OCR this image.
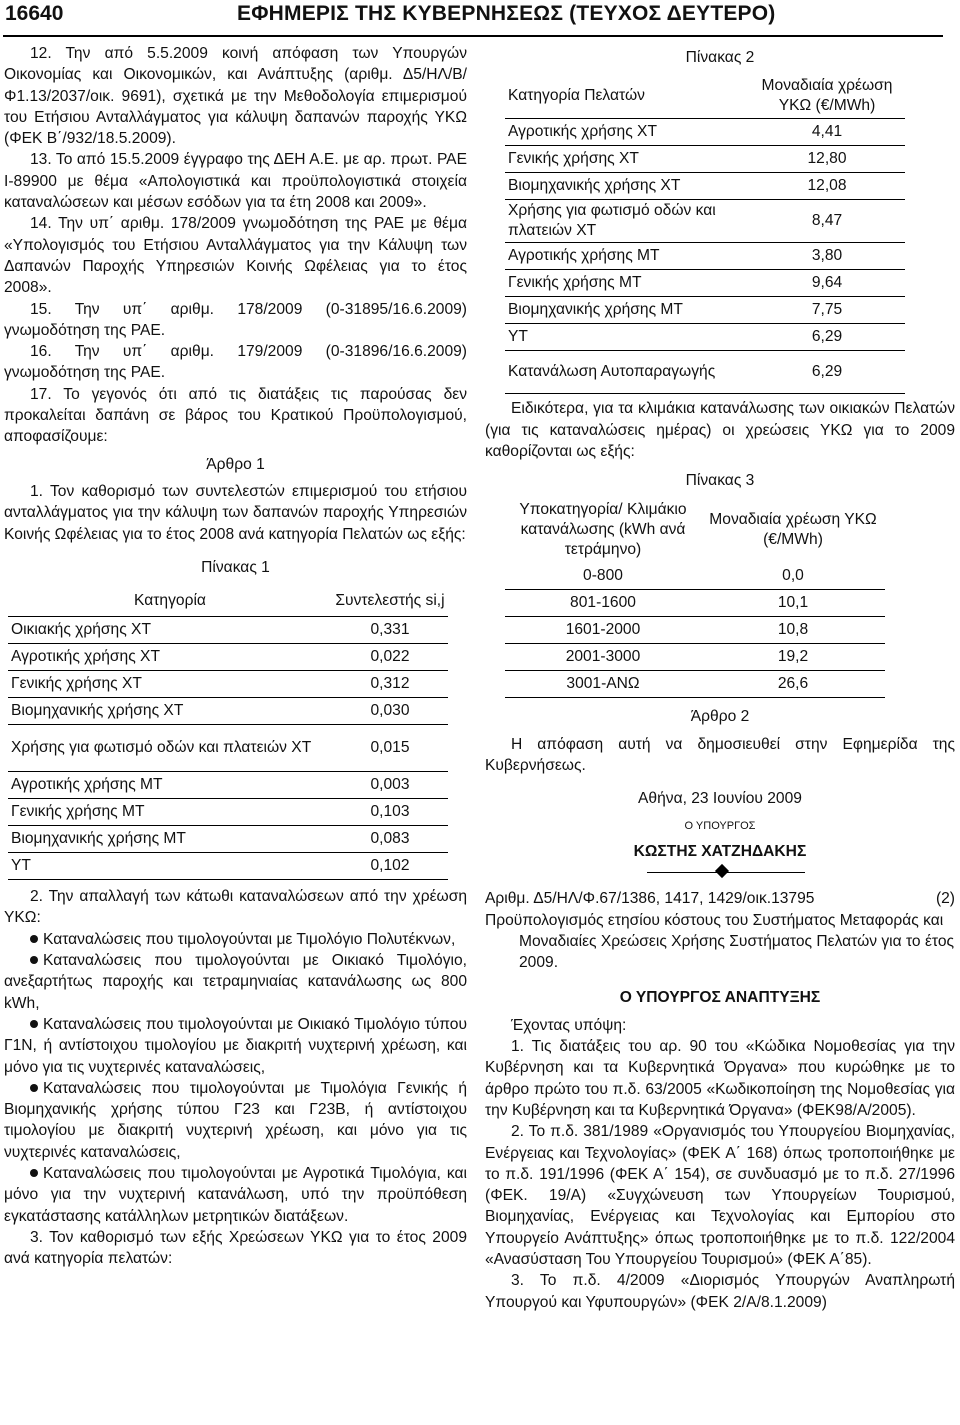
16640	ΕΦΗΜΕΡΙΣ ΤΗΣ ΚΥΒΕΡΝΗΣΕΩΣ (ΤΕΥΧΟΣ ΔΕΥΤΕΡΟ)

12. Την από 5.5.2009 κοινή απόφαση των Υπουργών Οικονομίας και Οικονομικών, και Ανάπτυξης (αριθμ. Δ5/ΗΛ/Β/Φ1.13/2037/οικ. 9691), σχετικά με την Μεθοδολογία επιμερισμού του Ετήσιου Ανταλλάγματος για κάλυψη δαπανών παροχής ΥΚΩ (ΦΕΚ Β΄/932/18.5.2009).

13. Το από 15.5.2009 έγγραφο της ΔΕΗ Α.Ε. με αρ. πρωτ. ΡΑΕ Ι-89900 με θέμα «Απολογιστικά και προϋπολογιστικά στοιχεία καταναλώσεων και μέσων εσόδων για τα έτη 2008 και 2009».

14. Την υπ΄ αριθμ. 178/2009 γνωμοδότηση της ΡΑΕ με θέμα «Υπολογισμός του Ετήσιου Ανταλλάγματος για την Κάλυψη των Δαπανών Παροχής Υπηρεσιών Κοινής Ωφέλειας για το έτος 2008».

15. Την υπ΄ αριθμ. 178/2009 (0-31895/16.6.2009) γνωμοδότηση της ΡΑΕ.

16. Την υπ΄ αριθμ. 179/2009 (0-31896/16.6.2009) γνωμοδότηση της ΡΑΕ.

17. Το γεγονός ότι από τις διατάξεις τις παρούσας δεν προκαλείται δαπάνη σε βάρος του Κρατικού Προϋπολογισμού, αποφασίζουμε:

Άρθρο 1

1. Τον καθορισμό των συντελεστών επιμερισμού του ετήσιου ανταλλάγματος για την κάλυψη των δαπανών παροχής Υπηρεσιών Κοινής Ωφέλειας για το έτος 2008 ανά κατηγορία Πελατών ως εξής:

Πίνακας 1
Κατηγορία	Συντελεστής si,j
Οικιακής χρήσης ΧΤ	0,331
Αγροτικής χρήσης ΧΤ	0,022
Γενικής χρήσης ΧΤ	0,312
Βιομηχανικής χρήσης ΧΤ	0,030
Χρήσης για φωτισμό οδών και πλατειών ΧΤ	0,015
Αγροτικής χρήσης ΜΤ	0,003
Γενικής χρήσης ΜΤ	0,103
Βιομηχανικής χρήσης ΜΤ	0,083
ΥΤ	0,102

2. Την απαλλαγή των κάτωθι καταναλώσεων από την χρέωση ΥΚΩ:

Καταναλώσεις που τιμολογούνται με Τιμολόγιο Πολυτέκνων,

Καταναλώσεις που τιμολογούνται με Οικιακό Τιμολόγιο, ανεξαρτήτως παροχής και τετραμηνιαίας κατανάλωσης ως 800 kWh,

Καταναλώσεις που τιμολογούνται με Οικιακό Τιμολόγιο τύπου Γ1Ν, ή αντίστοιχου τιμολογίου με διακριτή νυχτερινή χρέωση, και μόνο για τις νυχτερινές καταναλώσεις,

Καταναλώσεις που τιμολογούνται με Τιμολόγια Γενικής ή Βιομηχανικής χρήσης τύπου Γ23 και Γ23Β, ή αντίστοιχου τιμολογίου με διακριτή νυχτερινή χρέωση, και μόνο για τις νυχτερινές καταναλώσεις,

Καταναλώσεις που τιμολογούνται με Αγροτικά Τιμολόγια, και μόνο για την νυχτερινή κατανάλωση, υπό την προϋπόθεση εγκατάστασης κατάλληλων μετρητικών διατάξεων.

3. Τον καθορισμό των εξής Χρεώσεων ΥΚΩ για το έτος 2009 ανά κατηγορία πελατών:

Πίνακας 2
Κατηγορία Πελατών	Μοναδιαία χρέωση ΥΚΩ (€/MWh)
Αγροτικής χρήσης ΧΤ	4,41
Γενικής χρήσης ΧΤ	12,80
Βιομηχανικής χρήσης ΧΤ	12,08
Χρήσης για φωτισμό οδών και πλατειών ΧΤ	8,47
Αγροτικής χρήσης ΜΤ	3,80
Γενικής χρήσης ΜΤ	9,64
Βιομηχανικής χρήσης ΜΤ	7,75
ΥΤ	6,29
Κατανάλωση Αυτοπαραγωγής	6,29

Ειδικότερα, για τα κλιμάκια κατανάλωσης των οικιακών Πελατών (για τις καταναλώσεις ημέρας) οι χρεώσεις ΥΚΩ για το 2009 καθορίζονται ως εξής:

Πίνακας 3
Υποκατηγορία/ Κλιμάκιο κατανάλωσης (kWh ανά τετράμηνο)	Μοναδιαία χρέωση ΥΚΩ (€/MWh)
0-800	0,0
801-1600	10,1
1601-2000	10,8
2001-3000	19,2
3001-ΑΝΩ	26,6

Άρθρο 2

Η απόφαση αυτή να δημοσιευθεί στην Εφημερίδα της Κυβερνήσεως.

Αθήνα, 23 Ιουνίου 2009

Ο ΥΠΟΥΡΓΟΣ

ΚΩΣΤΗΣ ΧΑΤΖΗΔΑΚΗΣ

Αριθμ. Δ5/ΗΛ/Φ.67/1386, 1417, 1429/οικ.13795	(2)

Προϋπολογισμός ετησίου κόστους του Συστήματος Μεταφοράς και Μοναδιαίες Χρεώσεις Χρήσης Συστήματος Πελατών για το έτος 2009.

Ο ΥΠΟΥΡΓΟΣ ΑΝΑΠΤΥΞΗΣ

Έχοντας υπόψη:

1. Τις διατάξεις του αρ. 90 του «Κώδικα Νομοθεσίας για την Κυβέρνηση και τα Κυβερνητικά Όργανα» που κυρώθηκε με το άρθρο πρώτο του π.δ. 63/2005 «Κωδικοποίηση της Νομοθεσίας για την Κυβέρνηση και τα Κυβερνητικά Όργανα» (ΦΕΚ98/Α/2005).

2. Το π.δ. 381/1989 «Οργανισμός του Υπουργείου Βιομηχανίας, Ενέργειας και Τεχνολογίας» (ΦΕΚ Α΄ 168) όπως τροποποιήθηκε με το π.δ. 191/1996 (ΦΕΚ Α΄ 154), σε συνδυασμό με το π.δ. 27/1996 (ΦΕΚ. 19/Α) «Συγχώνευση των Υπουργείων Τουρισμού, Βιομηχανίας, Ενέργειας και Τεχνολογίας και Εμπορίου στο Υπουργείο Ανάπτυξης» όπως τροποποιήθηκε με το π.δ. 122/2004 «Ανασύσταση Του Υπουργείου Τουρισμού» (ΦΕΚ Α΄85).

3. Το π.δ. 4/2009 «Διορισμός Υπουργών Αναπληρωτή Υπουργού και Υφυπουργών» (ΦΕΚ 2/Α/8.1.2009)
